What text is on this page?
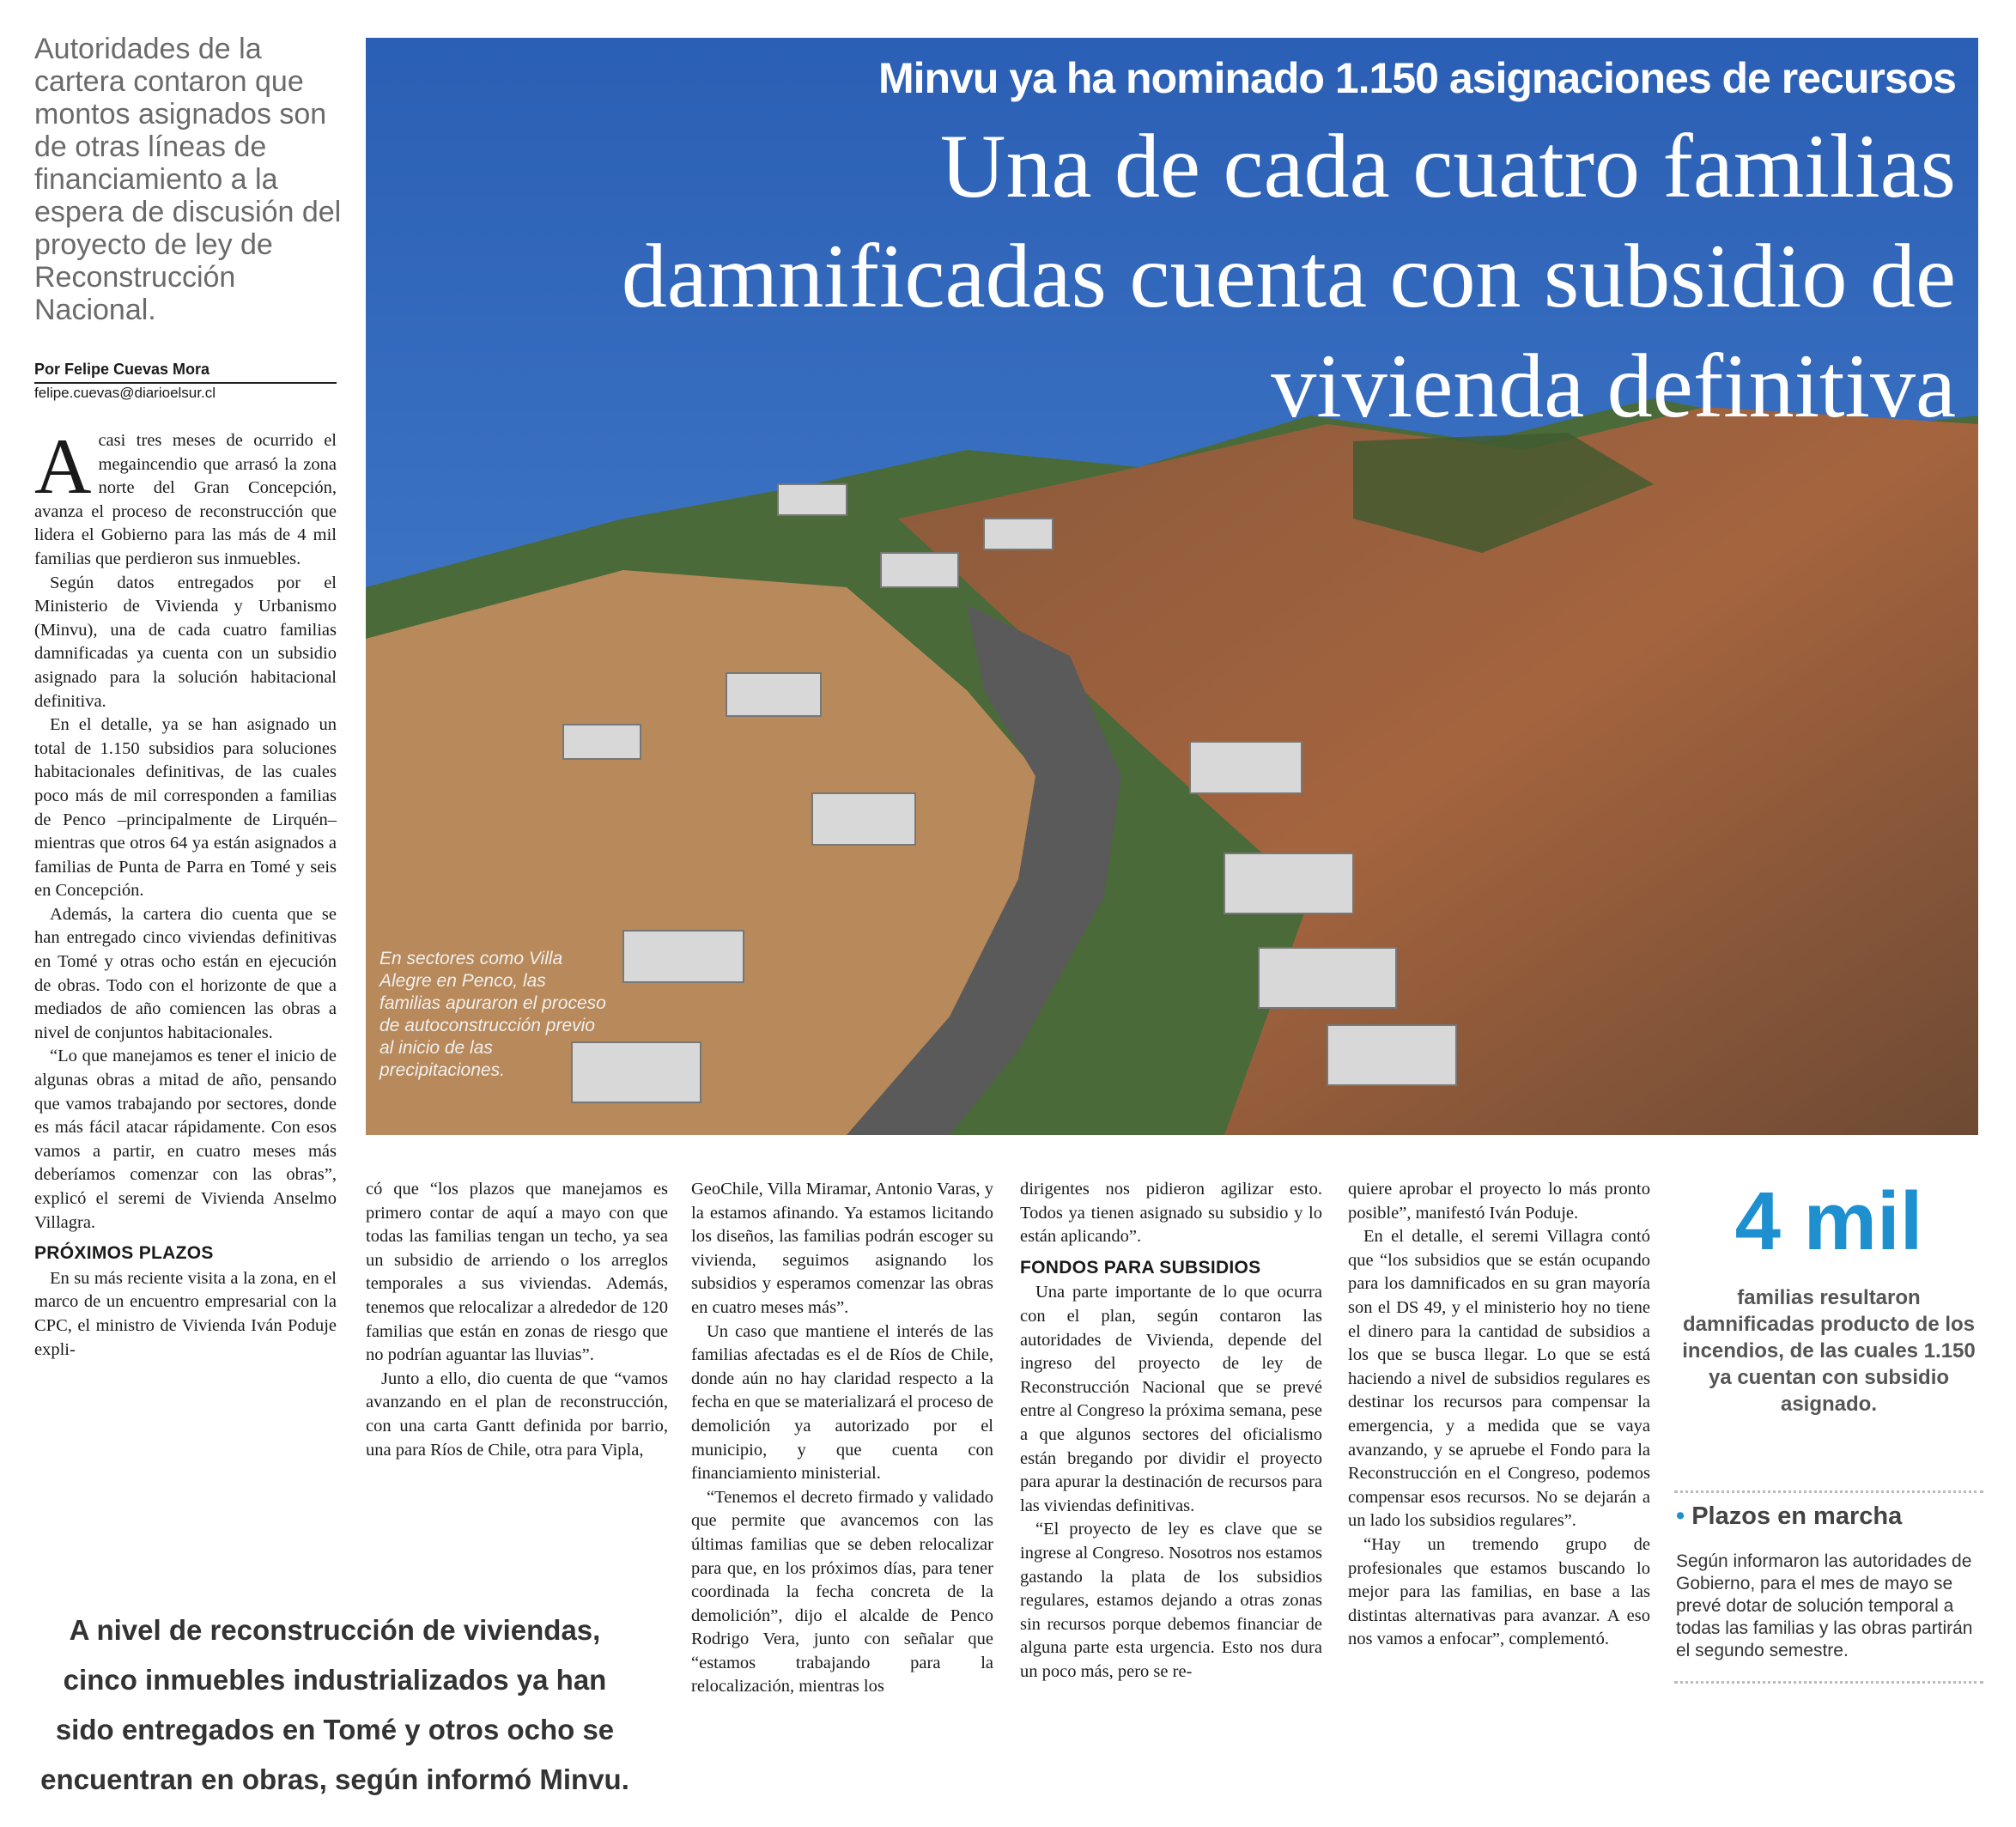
Autoridades de la cartera contaron que montos asignados son de otras líneas de financiamiento a la espera de discusión del proyecto de ley de Reconstrucción Nacional.

Por Felipe Cuevas Mora
felipe.cuevas@diarioelsur.cl
A casi tres meses de ocurrido el megaincendio que arrasó la zona norte del Gran Concepción, avanza el proceso de reconstrucción que lidera el Gobierno para las más de 4 mil familias que perdieron sus inmuebles.

Según datos entregados por el Ministerio de Vivienda y Urbanismo (Minvu), una de cada cuatro familias damnificadas ya cuenta con un subsidio asignado para la solución habitacional definitiva.

En el detalle, ya se han asignado un total de 1.150 subsidios para soluciones habitacionales definitivas, de las cuales poco más de mil corresponden a familias de Penco –principalmente de Lirquén– mientras que otros 64 ya están asignados a familias de Punta de Parra en Tomé y seis en Concepción.

Además, la cartera dio cuenta que se han entregado cinco viviendas definitivas en Tomé y otras ocho están en ejecución de obras. Todo con el horizonte de que a mediados de año comiencen las obras a nivel de conjuntos habitacionales.

“Lo que manejamos es tener el inicio de algunas obras a mitad de año, pensando que vamos trabajando por sectores, donde es más fácil atacar rápidamente. Con esos vamos a partir, en cuatro meses más deberíamos comenzar con las obras”, explicó el seremi de Vivienda Anselmo Villagra.

PRÓXIMOS PLAZOS

En su más reciente visita a la zona, en el marco de un encuentro empresarial con la CPC, el ministro de Vivienda Iván Poduje expli-

Minvu ya ha nominado 1.150 asignaciones de recursos
Una de cada cuatro familias damnificadas cuenta con subsidio de vivienda definitiva
En sectores como Villa Alegre en Penco, las familias apuraron el proceso de autoconstrucción previo al inicio de las precipitaciones.

có que “los plazos que manejamos es primero contar de aquí a mayo con que todas las familias tengan un techo, ya sea un subsidio de arriendo o los arreglos temporales a sus viviendas. Además, tenemos que relocalizar a alrededor de 120 familias que están en zonas de riesgo que no podrían aguantar las lluvias”.

Junto a ello, dio cuenta de que “vamos avanzando en el plan de reconstrucción, con una carta Gantt definida por barrio, una para Ríos de Chile, otra para Vipla,

GeoChile, Villa Miramar, Antonio Varas, y la estamos afinando. Ya estamos licitando los diseños, las familias podrán escoger su vivienda, seguimos asignando los subsidios y esperamos comenzar las obras en cuatro meses más”.

Un caso que mantiene el interés de las familias afectadas es el de Ríos de Chile, donde aún no hay claridad respecto a la fecha en que se materializará el proceso de demolición ya autorizado por el municipio, y que cuenta con financiamiento ministerial.

“Tenemos el decreto firmado y validado que permite que avancemos con las últimas familias que se deben relocalizar para que, en los próximos días, para tener coordinada la fecha concreta de la demolición”, dijo el alcalde de Penco Rodrigo Vera, junto con señalar que “estamos trabajando para la relocalización, mientras los

dirigentes nos pidieron agilizar esto. Todos ya tienen asignado su subsidio y lo están aplicando”.

FONDOS PARA SUBSIDIOS

Una parte importante de lo que ocurra con el plan, según contaron las autoridades de Vivienda, depende del ingreso del proyecto de ley de Reconstrucción Nacional que se prevé entre al Congreso la próxima semana, pese a que algunos sectores del oficialismo están bregando por dividir el proyecto para apurar la destinación de recursos para las viviendas definitivas.

“El proyecto de ley es clave que se ingrese al Congreso. Nosotros nos estamos gastando la plata de los subsidios regulares, estamos dejando a otras zonas sin recursos porque debemos financiar de alguna parte esta urgencia. Esto nos dura un poco más, pero se re-

quiere aprobar el proyecto lo más pronto posible”, manifestó Iván Poduje.

En el detalle, el seremi Villagra contó que “los subsidios que se están ocupando para los damnificados en su gran mayoría son el DS 49, y el ministerio hoy no tiene el dinero para la cantidad de subsidios a los que se busca llegar. Lo que se está haciendo a nivel de subsidios regulares es destinar los recursos para compensar la emergencia, y a medida que se vaya avanzando, y se apruebe el Fondo para la Reconstrucción en el Congreso, podemos compensar esos recursos. No se dejarán a un lado los subsidios regulares”.

“Hay un tremendo grupo de profesionales que estamos buscando lo mejor para las familias, en base a las distintas alternativas para avanzar. A eso nos vamos a enfocar”, complementó.

4 mil
familias resultaron damnificadas producto de los incendios, de las cuales 1.150 ya cuentan con subsidio asignado.
• Plazos en marcha
Según informaron las autoridades de Gobierno, para el mes de mayo se prevé dotar de solución temporal a todas las familias y las obras partirán el segundo semestre.
A nivel de reconstrucción de viviendas, cinco inmuebles industrializados ya han sido entregados en Tomé y otros ocho se encuentran en obras, según informó Minvu.
